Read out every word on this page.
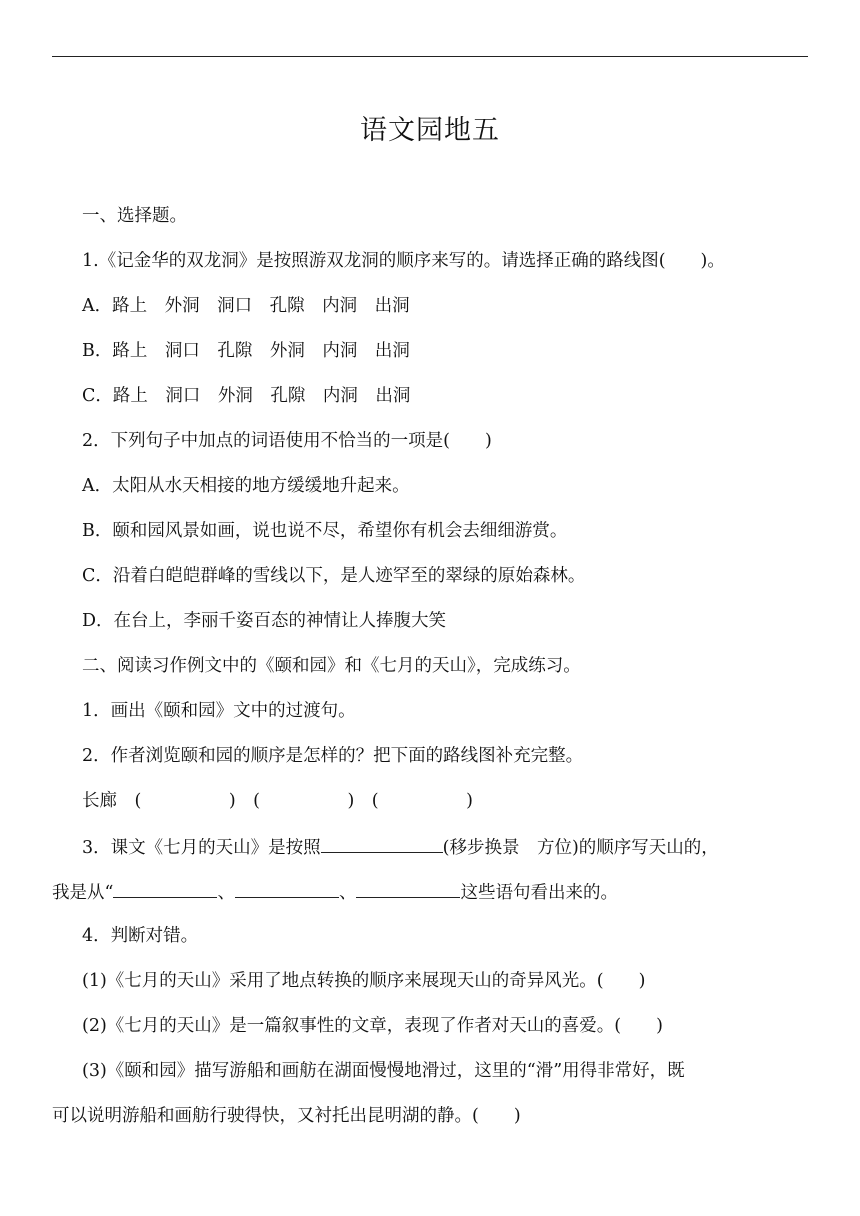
语文园地五
一、选择题。
1.《记金华的双龙洞》是按照游双龙洞的顺序来写的。请选择正确的路线图(　　)。
A．路上　外洞　洞口　孔隙　内洞　出洞
B．路上　洞口　孔隙　外洞　内洞　出洞
C．路上　洞口　外洞　孔隙　内洞　出洞
2．下列句子中加点的词语使用不恰当的一项是(　　)
A．太阳从水天相接的地方缓缓地升起来。
B．颐和园风景如画，说也说不尽，希望你有机会去细细游赏。
C．沿着白皑皑群峰的雪线以下，是人迹罕至的翠绿的原始森林。
D．在台上，李丽千姿百态的神情让人捧腹大笑
二、阅读习作例文中的《颐和园》和《七月的天山》，完成练习。
1．画出《颐和园》文中的过渡句。
2．作者浏览颐和园的顺序是怎样的？把下面的路线图补充完整。
长廊　(　　　　　)　(　　　　　)　(　　　　　)
3．课文《七月的天山》是按照	(移步换景　方位)的顺序写天山的，
我是从“	、	、	这些语句看出来的。
4．判断对错。
(1)《七月的天山》采用了地点转换的顺序来展现天山的奇异风光。(　　)
(2)《七月的天山》是一篇叙事性的文章，表现了作者对天山的喜爱。(　　)
(3)《颐和园》描写游船和画舫在湖面慢慢地滑过，这里的“滑”用得非常好，既
可以说明游船和画舫行驶得快，又衬托出昆明湖的静。(　　)
